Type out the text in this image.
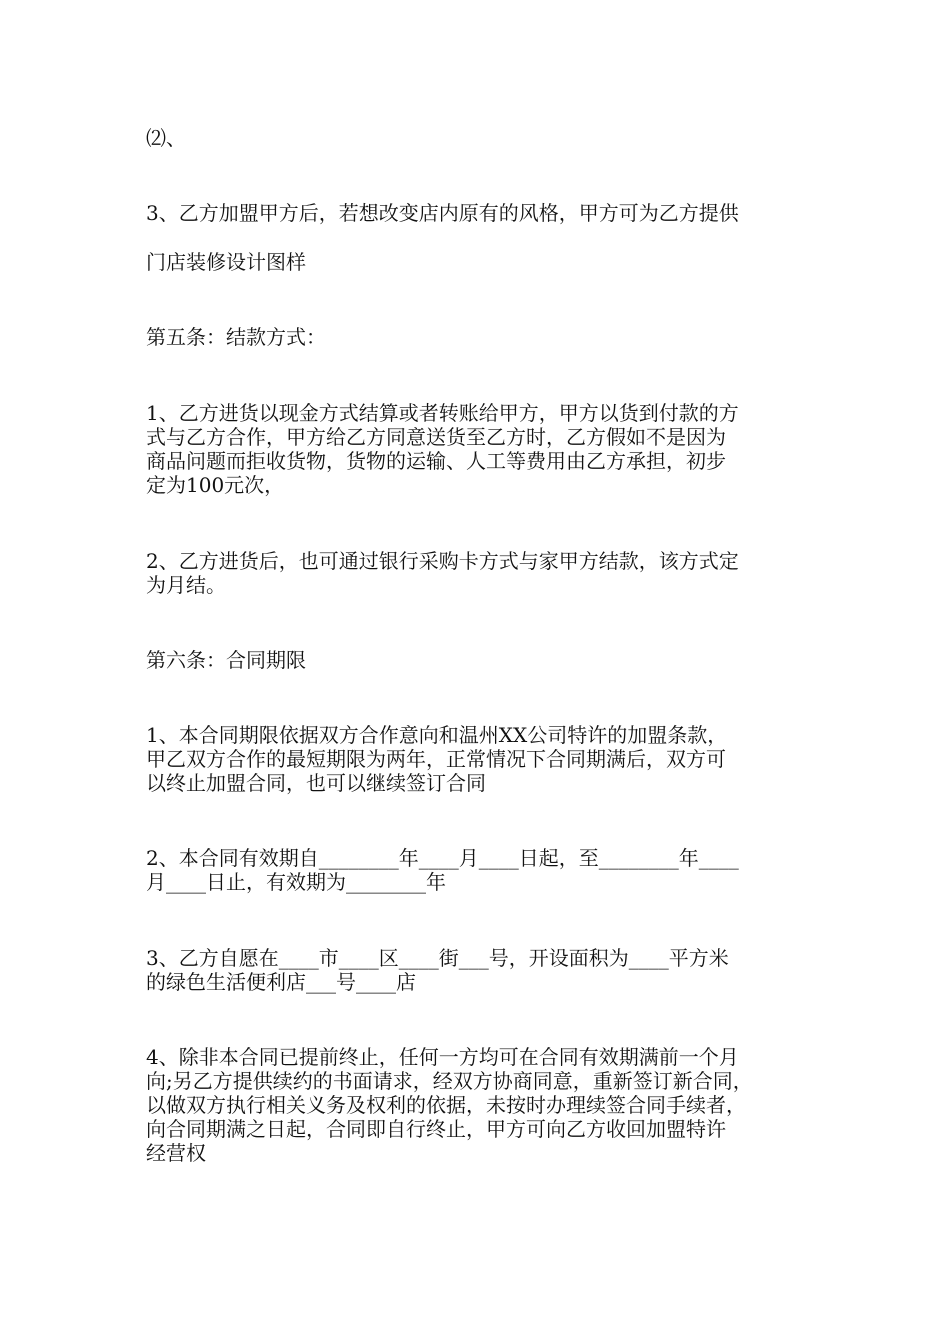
⑵、

3、乙方加盟甲方后，若想改变店内原有的风格，甲方可为乙方提供

门店装修设计图样

第五条：结款方式：

1、乙方进货以现金方式结算或者转账给甲方，甲方以货到付款的方
式与乙方合作，甲方给乙方同意送货至乙方时，乙方假如不是因为
商品问题而拒收货物，货物的运输、人工等费用由乙方承担，初步
定为100元次，

2、乙方进货后，也可通过银行采购卡方式与家甲方结款，该方式定
为月结。

第六条：合同期限

1、本合同期限依据双方合作意向和温州XX公司特许的加盟条款，
甲乙双方合作的最短期限为两年，正常情况下合同期满后，双方可
以终止加盟合同，也可以继续签订合同

2、本合同有效期自________年____月____日起，至________年____
月____日止，有效期为________年

3、乙方自愿在____市____区____街___号，开设面积为____平方米
的绿色生活便利店___号____店

4、除非本合同已提前终止，任何一方均可在合同有效期满前一个月
向;另乙方提供续约的书面请求，经双方协商同意，重新签订新合同，
以做双方执行相关义务及权利的依据，未按时办理续签合同手续者，
向合同期满之日起，合同即自行终止，甲方可向乙方收回加盟特许
经营权
